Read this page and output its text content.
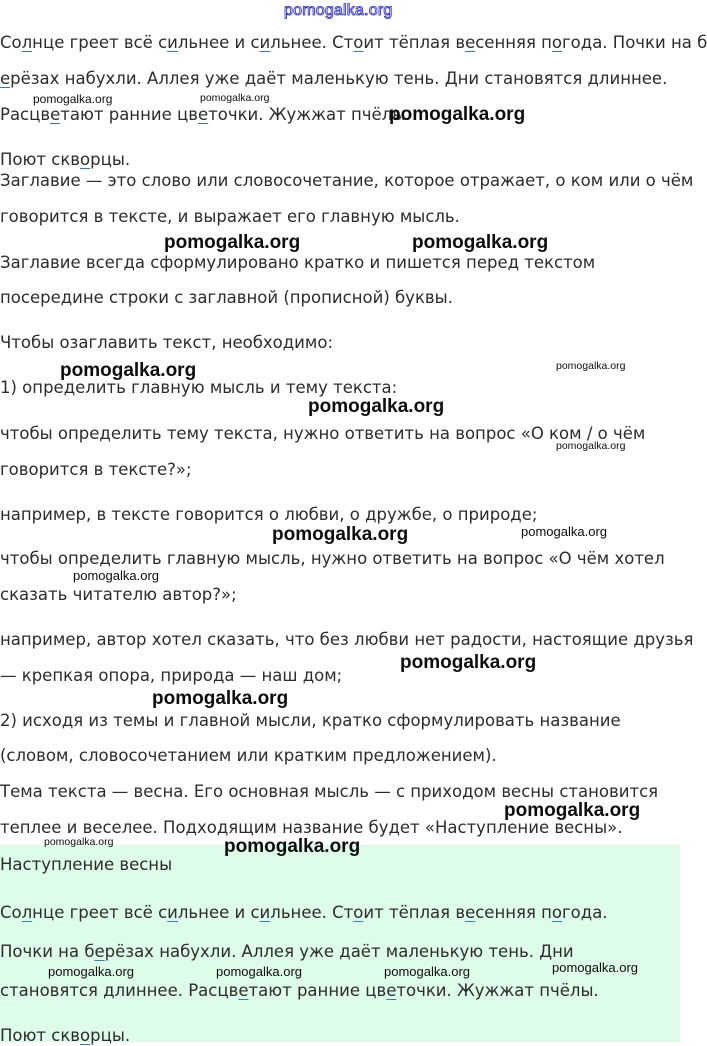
Солнце греет всё сильнее и сильнее. Стоит тёплая весенняя погода. Почки на б

ерёзах набухли. Аллея уже даёт маленькую тень. Дни становятся длиннее.

Расцветают ранние цветочки. Жужжат пчёлы.

Поют скворцы.

Заглавие — это слово или словосочетание, которое отражает, о ком или о чём

говорится в тексте, и выражает его главную мысль.

Заглавие всегда сформулировано кратко и пишется перед текстом

посередине строки с заглавной (прописной) буквы.

Чтобы озаглавить текст, необходимо:

1) определить главную мысль и тему текста:

чтобы определить тему текста, нужно ответить на вопрос «О ком / о чём

говорится в тексте?»;

например, в тексте говорится о любви, о дружбе, о природе;

чтобы определить главную мысль, нужно ответить на вопрос «О чём хотел

сказать читателю автор?»;

например, автор хотел сказать, что без любви нет радости, настоящие друзья

— крепкая опора, природа — наш дом;

2) исходя из темы и главной мысли, кратко сформулировать название

(словом, словосочетанием или кратким предложением).

Тема текста — весна. Его основная мысль — с приходом весны становится

теплее и веселее. Подходящим название будет «Наступление весны».

Наступление весны

Солнце греет всё сильнее и сильнее. Стоит тёплая весенняя погода.

Почки на берёзах набухли. Аллея уже даёт маленькую тень. Дни

становятся длиннее. Расцветают ранние цветочки. Жужжат пчёлы.

Поют скворцы.

pomogalka.org
pomogalka.org	pomogalka.org
pomogalka.org
pomogalka.org	pomogalka.org
pomogalka.org	pomogalka.org
pomogalka.org
pomogalka.org
pomogalka.org
pomogalka.org
pomogalka.org
pomogalka.org
pomogalka.org
pomogalka.org
pomogalka.org	pomogalka.org
pomogalka.org	pomogalka.org	pomogalka.org	pomogalka.org
